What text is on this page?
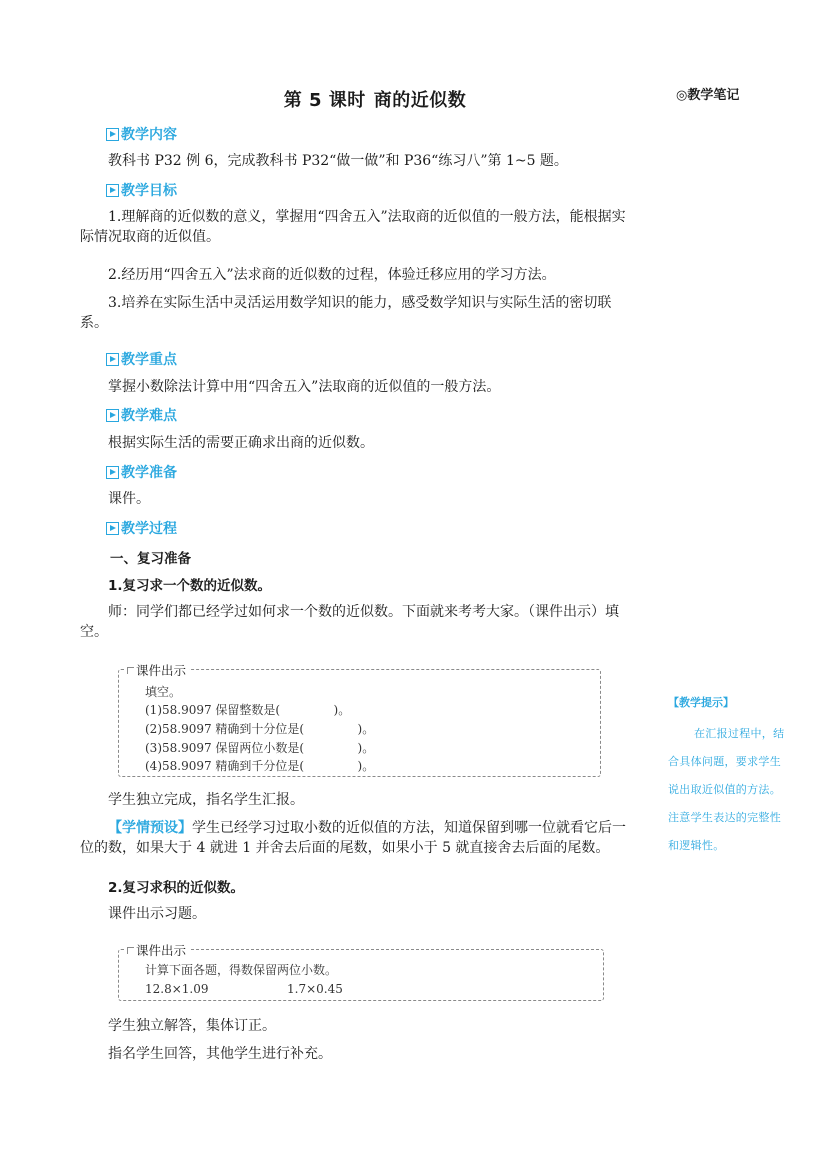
第 5 课时 商的近似数	◎教学笔记
教学内容
教科书 P32 例 6，完成教科书 P32“做一做”和 P36“练习八”第 1~5 题。
教学目标
1.理解商的近似数的意义，掌握用“四舍五入”法取商的近似值的一般方法，能根据实际情况取商的近似值。
2.经历用“四舍五入”法求商的近似数的过程，体验迁移应用的学习方法。
3.培养在实际生活中灵活运用数学知识的能力，感受数学知识与实际生活的密切联系。
教学重点
掌握小数除法计算中用“四舍五入”法取商的近似值的一般方法。
教学难点
根据实际生活的需要正确求出商的近似数。
教学准备
课件。
教学过程
一、复习准备
1.复习求一个数的近似数。
师：同学们都已经学过如何求一个数的近似数。下面就来考考大家。（课件出示）填空。
课件出示
填空。
(1)58.9097 保留整数是(              )。
(2)58.9097 精确到十分位是(              )。
(3)58.9097 保留两位小数是(              )。
(4)58.9097 精确到千分位是(              )。
学生独立完成，指名学生汇报。
【学情预设】学生已经学习过取小数的近似值的方法，知道保留到哪一位就看它后一位的数，如果大于 4 就进 1 并舍去后面的尾数，如果小于 5 就直接舍去后面的尾数。
2.复习求积的近似数。
课件出示习题。
课件出示
计算下面各题，得数保留两位小数。
12.8×1.09	1.7×0.45
学生独立解答，集体订正。
指名学生回答，其他学生进行补充。
【教学提示】
在汇报过程中，结合具体问题，要求学生说出取近似值的方法。注意学生表达的完整性和逻辑性。
